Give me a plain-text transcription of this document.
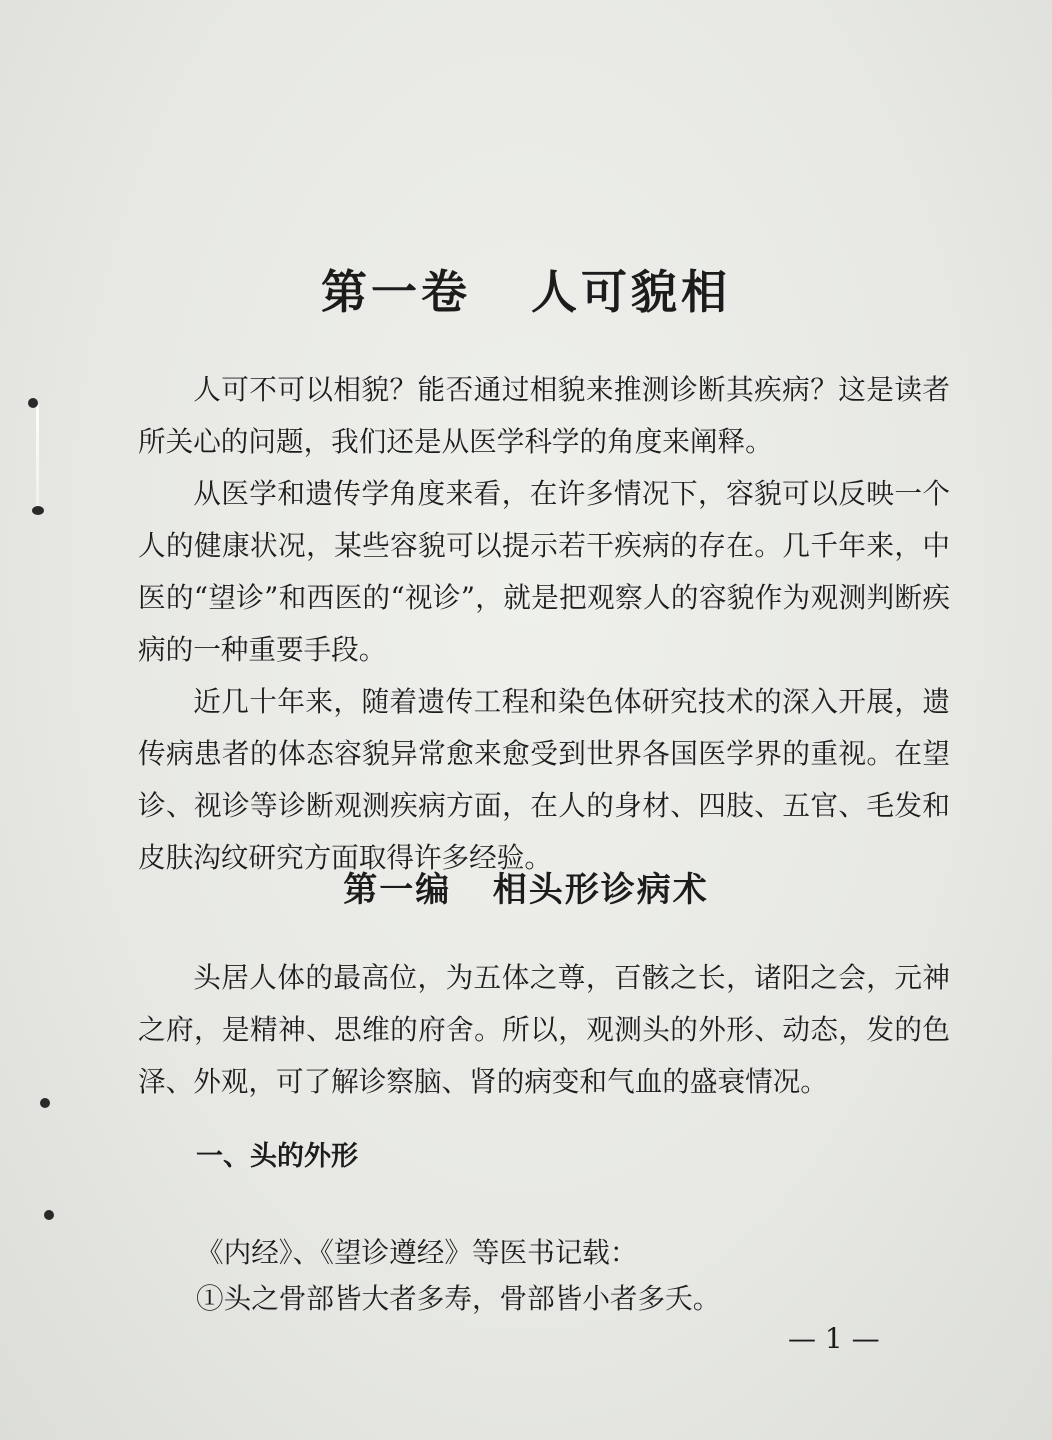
第一卷   人可貌相

人可不可以相貌？能否通过相貌来推测诊断其疾病？这是读者所关心的问题，我们还是从医学科学的角度来阐释。

从医学和遗传学角度来看，在许多情况下，容貌可以反映一个人的健康状况，某些容貌可以提示若干疾病的存在。几千年来，中医的“望诊”和西医的“视诊”，就是把观察人的容貌作为观测判断疾病的一种重要手段。

近几十年来，随着遗传工程和染色体研究技术的深入开展，遗传病患者的体态容貌异常愈来愈受到世界各国医学界的重视。在望诊、视诊等诊断观测疾病方面，在人的身材、四肢、五官、毛发和皮肤沟纹研究方面取得许多经验。

第一编   相头形诊病术

头居人体的最高位，为五体之尊，百骸之长，诸阳之会，元神之府，是精神、思维的府舍。所以，观测头的外形、动态，发的色泽、外观，可了解诊察脑、肾的病变和气血的盛衰情况。

一、头的外形

《内经》、《望诊遵经》等医书记载：

①头之骨部皆大者多寿，骨部皆小者多夭。

— 1 —
